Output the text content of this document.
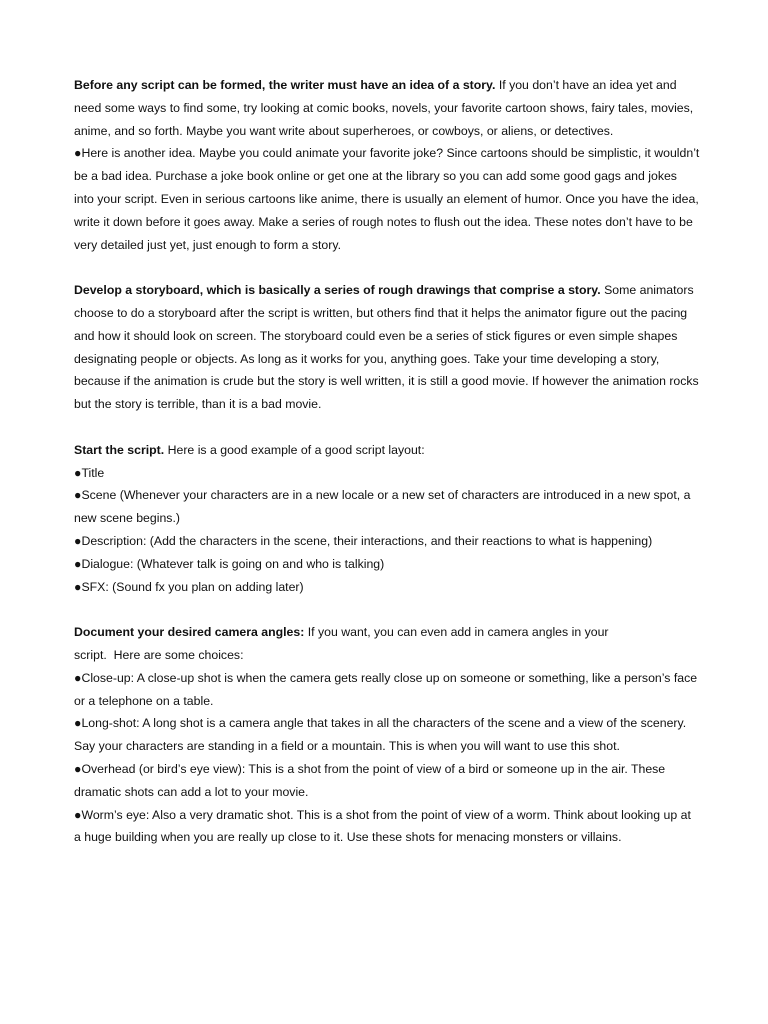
Before any script can be formed, the writer must have an idea of a story. If you don’t have an idea yet and need some ways to find some, try looking at comic books, novels, your favorite cartoon shows, fairy tales, movies, anime, and so forth. Maybe you want write about superheroes, or cowboys, or aliens, or detectives.

●Here is another idea. Maybe you could animate your favorite joke? Since cartoons should be simplistic, it wouldn’t be a bad idea. Purchase a joke book online or get one at the library so you can add some good gags and jokes into your script. Even in serious cartoons like anime, there is usually an element of humor. Once you have the idea, write it down before it goes away. Make a series of rough notes to flush out the idea. These notes don’t have to be very detailed just yet, just enough to form a story.

Develop a storyboard, which is basically a series of rough drawings that comprise a story. Some animators choose to do a storyboard after the script is written, but others find that it helps the animator figure out the pacing and how it should look on screen. The storyboard could even be a series of stick figures or even simple shapes designating people or objects. As long as it works for you, anything goes. Take your time developing a story, because if the animation is crude but the story is well written, it is still a good movie. If however the animation rocks but the story is terrible, than it is a bad movie.

Start the script. Here is a good example of a good script layout:

●Title

●Scene (Whenever your characters are in a new locale or a new set of characters are introduced in a new spot, a new scene begins.)

●Description: (Add the characters in the scene, their interactions, and their reactions to what is happening)

●Dialogue: (Whatever talk is going on and who is talking)

●SFX: (Sound fx you plan on adding later)

Document your desired camera angles: If you want, you can even add in camera angles in your

script.  Here are some choices:

●Close-up: A close-up shot is when the camera gets really close up on someone or something, like a person’s face or a telephone on a table.

●Long-shot: A long shot is a camera angle that takes in all the characters of the scene and a view of the scenery. Say your characters are standing in a field or a mountain. This is when you will want to use this shot.

●Overhead (or bird’s eye view): This is a shot from the point of view of a bird or someone up in the air. These dramatic shots can add a lot to your movie.

●Worm’s eye: Also a very dramatic shot. This is a shot from the point of view of a worm. Think about looking up at a huge building when you are really up close to it. Use these shots for menacing monsters or villains.
